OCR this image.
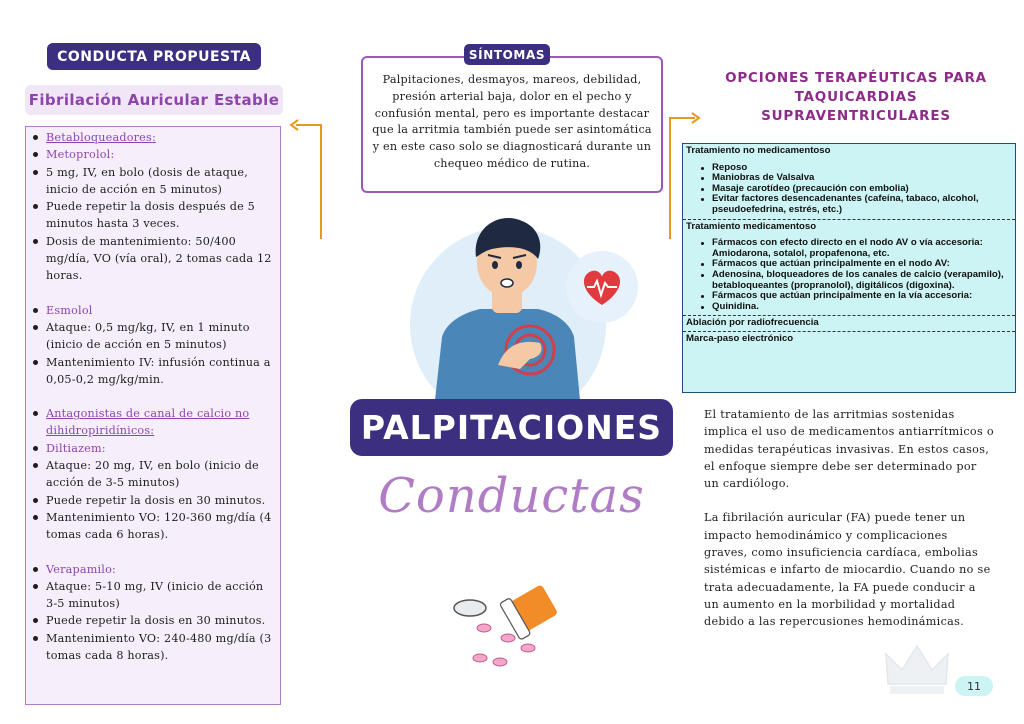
CONDUCTA PROPUESTA
Fibrilación Auricular Estable
Betabloqueadores:
Metoprolol:
5 mg, IV, en bolo (dosis de ataque, inicio de acción en 5 minutos)
Puede repetir la dosis después de 5 minutos hasta 3 veces.
Dosis de mantenimiento: 50/400 mg/día, VO (vía oral), 2 tomas cada 12 horas.
Esmolol
Ataque: 0,5 mg/kg, IV, en 1 minuto (inicio de acción en 5 minutos)
Mantenimiento IV: infusión continua a 0,05-0,2 mg/kg/min.
Antagonistas de canal de calcio no dihidropiridínicos:
Diltiazem:
Ataque: 20 mg, IV, en bolo (inicio de acción de 3-5 minutos)
Puede repetir la dosis en 30 minutos.
Mantenimiento VO: 120-360 mg/día (4 tomas cada 6 horas).
Verapamilo:
Ataque: 5-10 mg, IV (inicio de acción 3-5 minutos)
Puede repetir la dosis en 30 minutos.
Mantenimiento VO: 240-480 mg/día (3 tomas cada 8 horas).
SÍNTOMAS
Palpitaciones, desmayos, mareos, debilidad, presión arterial baja, dolor en el pecho y confusión mental, pero es importante destacar que la arritmia también puede ser asintomática y en este caso solo se diagnosticará durante un chequeo médico de rutina.
PALPITACIONES
Conductas
OPCIONES TERAPÉUTICAS PARA TAQUICARDIAS SUPRAVENTRICULARES
Tratamiento no medicamentoso
Reposo
Maniobras de Valsalva
Masaje carotídeo (precaución con embolia)
Evitar factores desencadenantes (cafeína, tabaco, alcohol, pseudoefedrina, estrés, etc.)
Tratamiento medicamentoso
Fármacos con efecto directo en el nodo AV o vía accesoria: Amiodarona, sotalol, propafenona, etc.
Fármacos que actúan principalmente en el nodo AV:
Adenosina, bloqueadores de los canales de calcio (verapamilo), betabloqueantes (propranolol), digitálicos (digoxina).
Fármacos que actúan principalmente en la vía accesoria:
Quinidina.
Ablación por radiofrecuencia
Marca-paso electrónico

El tratamiento de las arritmias sostenidas implica el uso de medicamentos antiarrítmicos o medidas terapéuticas invasivas. En estos casos, el enfoque siempre debe ser determinado por un cardiólogo.

La fibrilación auricular (FA) puede tener un impacto hemodinámico y complicaciones graves, como insuficiencia cardíaca, embolias sistémicas e infarto de miocardio. Cuando no se trata adecuadamente, la FA puede conducir a un aumento en la morbilidad y mortalidad debido a las repercusiones hemodinámicas.

11
